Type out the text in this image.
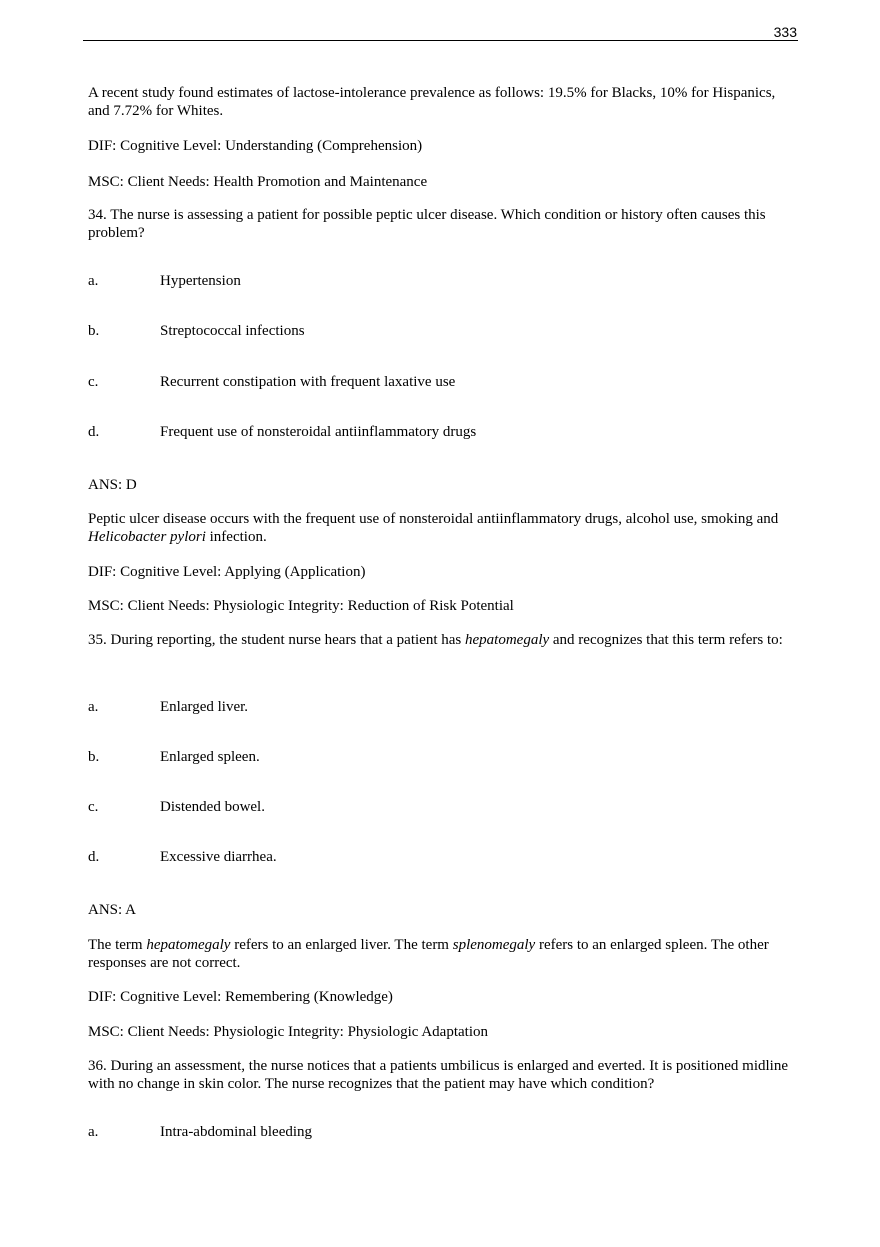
333

A recent study found estimates of lactose-intolerance prevalence as follows: 19.5% for Blacks, 10% for Hispanics, and 7.72% for Whites.

DIF: Cognitive Level: Understanding (Comprehension)

MSC: Client Needs: Health Promotion and Maintenance

34. The nurse is assessing a patient for possible peptic ulcer disease. Which condition or history often causes this problem?

a.	Hypertension
b.	Streptococcal infections
c.	Recurrent constipation with frequent laxative use
d.	Frequent use of nonsteroidal antiinflammatory drugs

ANS: D

Peptic ulcer disease occurs with the frequent use of nonsteroidal antiinflammatory drugs, alcohol use, smoking and Helicobacter pylori infection.

DIF: Cognitive Level: Applying (Application)

MSC: Client Needs: Physiologic Integrity: Reduction of Risk Potential

35. During reporting, the student nurse hears that a patient has hepatomegaly and recognizes that this term refers to:

a.	Enlarged liver.
b.	Enlarged spleen.
c.	Distended bowel.
d.	Excessive diarrhea.

ANS: A

The term hepatomegaly refers to an enlarged liver. The term splenomegaly refers to an enlarged spleen. The other responses are not correct.

DIF: Cognitive Level: Remembering (Knowledge)

MSC: Client Needs: Physiologic Integrity: Physiologic Adaptation

36. During an assessment, the nurse notices that a patients umbilicus is enlarged and everted. It is positioned midline with no change in skin color. The nurse recognizes that the patient may have which condition?

a.	Intra-abdominal bleeding
